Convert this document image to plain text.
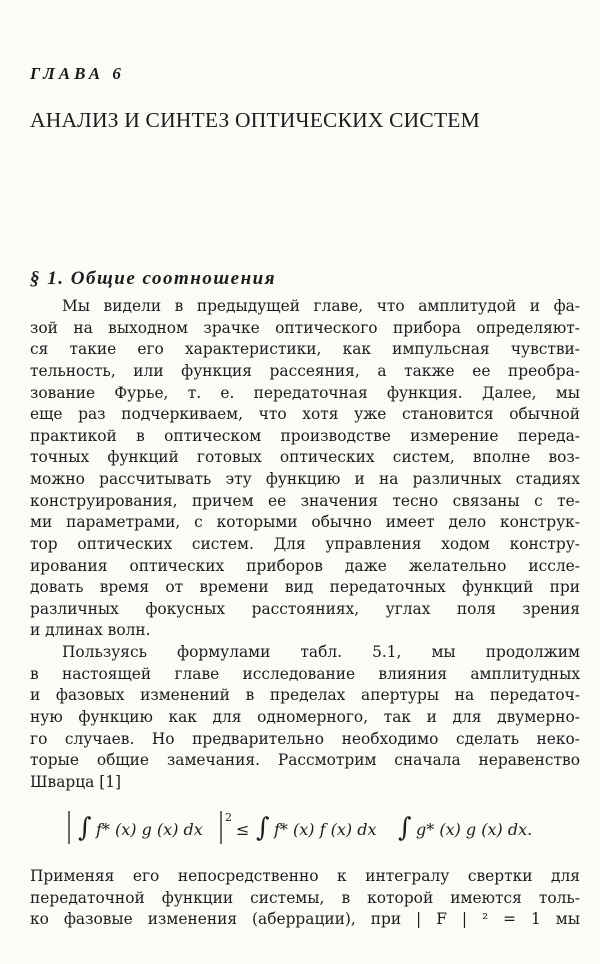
ГЛАВА 6
АНАЛИЗ И СИНТЕЗ ОПТИЧЕСКИХ СИСТЕМ
§ 1. Общие соотношения
Мы видели в предыдущей главе, что амплитудой и фа-
зой на выходном зрачке оптического прибора определяют-
ся такие его характеристики, как импульсная чувстви-
тельность, или функция рассеяния, а также ее преобра-
зование Фурье, т. е. передаточная функция. Далее, мы
еще раз подчеркиваем, что хотя уже становится обычной
практикой в оптическом производстве измерение переда-
точных функций готовых оптических систем, вполне воз-
можно рассчитывать эту функцию и на различных стадиях
конструирования, причем ее значения тесно связаны с те-
ми параметрами, с которыми обычно имеет дело конструк-
тор оптических систем. Для управления ходом констру-
ирования оптических приборов даже желательно иссле-
довать время от времени вид передаточных функций при
различных фокусных расстояниях, углах поля зрения
и длинах волн.
Пользуясь формулами табл. 5.1, мы продолжим
в настоящей главе исследование влияния амплитудных
и фазовых изменений в пределах апертуры на передаточ-
ную функцию как для одномерного, так и для двумерно-
го случаев. Но предварительно необходимо сделать неко-
торые общие замечания. Рассмотрим сначала неравенство
Шварца [1]
∫ f* (x) g (x) dx
2
≤ ∫ f* (x) f (x) dx ∫ g* (x) g (x) dx.
Применяя его непосредственно к интегралу свертки для
передаточной функции системы, в которой имеются толь-
ко фазовые изменения (аберрации), при | F | ² = 1 мы
